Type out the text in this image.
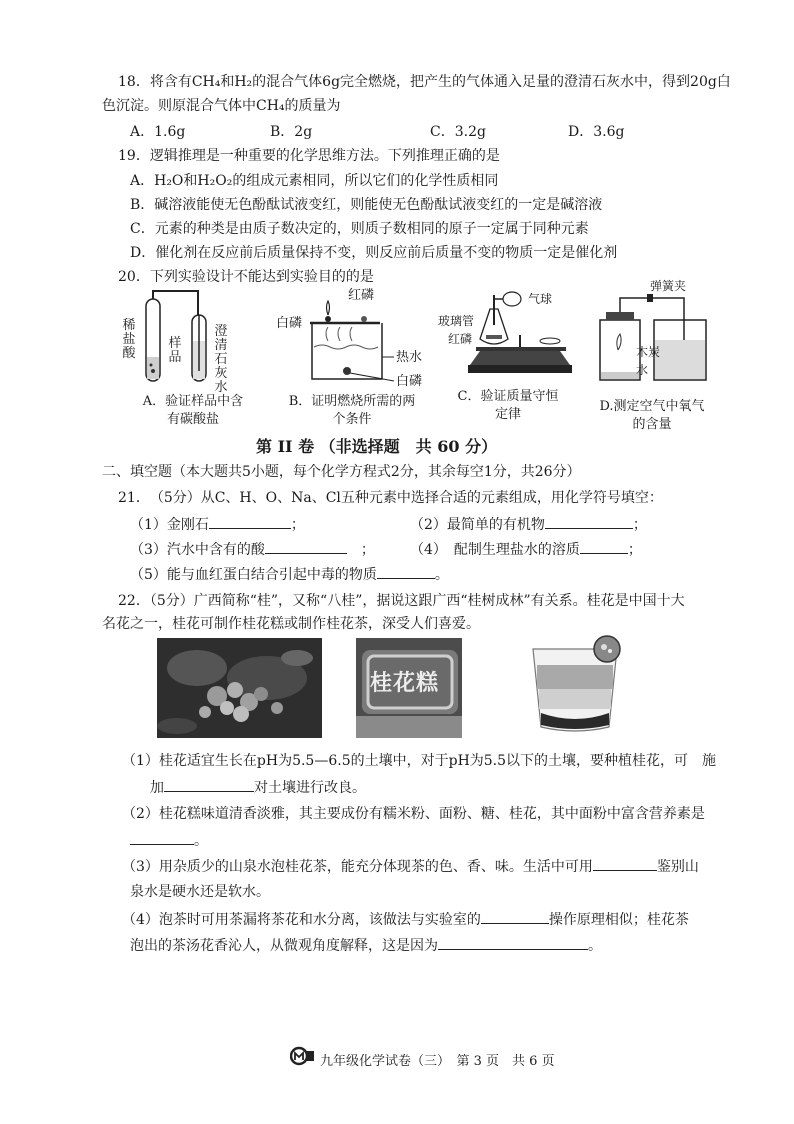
18．将含有CH₄和H₂的混合气体6g完全燃烧，把产生的气体通入足量的澄清石灰水中，得到20g白
色沉淀。则原混合气体中CH₄的质量为
A．1.6g	B．2g	C．3.2g	D．3.6g
19．逻辑推理是一种重要的化学思维方法。下列推理正确的是
A．H₂O和H₂O₂的组成元素相同，所以它们的化学性质相同
B．碱溶液能使无色酚酞试液变红，则能使无色酚酞试液变红的一定是碱溶液
C．元素的种类是由质子数决定的，则质子数相同的原子一定属于同种元素
D．催化剂在反应前后质量保持不变，则反应前后质量不变的物质一定是催化剂
20．下列实验设计不能达到实验目的的是
稀盐酸
样品
澄清石灰水
A．验证样品中含
有碳酸盐
红磷
白磷
热水
白磷
B．证明燃烧所需的两
个条件
气球
玻璃管
红磷
C．验证质量守恒
定律
弹簧夹
木炭
水
D.测定空气中氧气
的含量
第 II 卷 （非选择题　共 60 分）
二、填空题（本大题共5小题，每个化学方程式2分，其余每空1分，共26分）
21．　（5分）从C、H、O、Na、Cl五种元素中选择合适的元素组成，用化学符号填空：
（1）金刚石	；	（2）最简单的有机物	；
（3）汽水中含有的酸	　；	（4）　配制生理盐水的溶质	；
（5）能与血红蛋白结合引起中毒的物质	。
22．（5分）广西简称“桂”，又称“八桂”，据说这跟广西“桂树成林”有关系。桂花是中国十大
名花之一，桂花可制作桂花糕或制作桂花茶，深受人们喜爱。
桂花糕
（1）桂花适宜生长在pH为5.5—6.5的土壤中，对于pH为5.5以下的土壤，要种植桂花，可　施
加	对土壤进行改良。
（2）桂花糕味道清香淡雅，其主要成份有糯米粉、面粉、糖、桂花，其中面粉中富含营养素是
。
（3）用杂质少的山泉水泡桂花茶，能充分体现茶的色、香、味。生活中可用	鉴别山
泉水是硬水还是软水。
（4）泡茶时可用茶漏将茶花和水分离，该做法与实验室的	操作原理相似；桂花茶
泡出的茶汤花香沁人，从微观角度解释，这是因为	。
九年级化学试卷（三）　第 3 页　共 6 页
